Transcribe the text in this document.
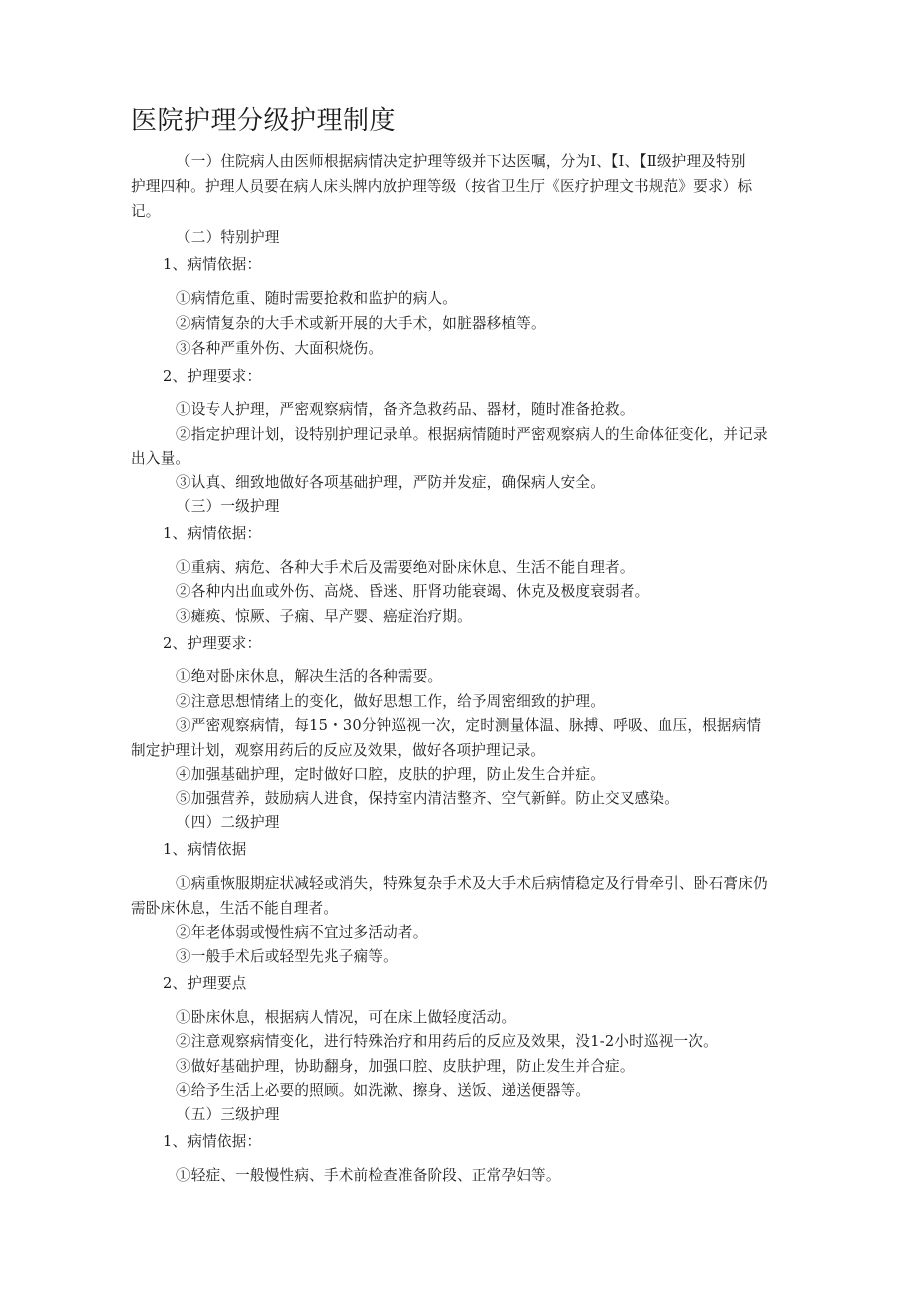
医院护理分级护理制度
（一）住院病人由医师根据病情决定护理等级并下达医嘱，分为Ⅰ、【Ⅰ、【Ⅱ级护理及特别
护理四种。护理人员要在病人床头牌内放护理等级（按省卫生厅《医疗护理文书规范》要求）标
记。
（二）特别护理
1、病情依据：
①病情危重、随时需要抢救和监护的病人。
②病情复杂的大手术或新开展的大手术，如脏器移植等。
③各种严重外伤、大面积烧伤。
2、护理要求：
①设专人护理，严密观察病情，备齐急救药品、器材，随时准备抢救。
②指定护理计划，设特别护理记录单。根据病情随时严密观察病人的生命体征变化，并记录
出入量。
③认真、细致地做好各项基础护理，严防并发症，确保病人安全。
（三）一级护理
1、病情依据：
①重病、病危、各种大手术后及需要绝对卧床休息、生活不能自理者。
②各种内出血或外伤、高烧、昏迷、肝肾功能衰竭、休克及极度衰弱者。
③瘫痪、惊厥、子痫、早产婴、癌症治疗期。
2、护理要求：
①绝对卧床休息，解决生活的各种需要。
②注意思想情绪上的变化，做好思想工作，给予周密细致的护理。
③严密观察病情，每15・30分钟巡视一次，定时测量体温、脉搏、呼吸、血压，根据病情
制定护理计划，观察用药后的反应及效果，做好各项护理记录。
④加强基础护理，定时做好口腔，皮肤的护理，防止发生合并症。
⑤加强营养，鼓励病人进食，保持室内清洁整齐、空气新鲜。防止交叉感染。
（四）二级护理
1、病情依据
①病重恢服期症状减轻或消失，特殊复杂手术及大手术后病情稳定及行骨牵引、卧石膏床仍
需卧床休息，生活不能自理者。
②年老体弱或慢性病不宜过多活动者。
③一般手术后或轻型先兆子痫等。
2、护理要点
①卧床休息，根据病人情况，可在床上做轻度活动。
②注意观察病情变化，进行特殊治疗和用药后的反应及效果，没1-2小时巡视一次。
③做好基础护理，协助翻身，加强口腔、皮肤护理，防止发生并合症。
④给予生活上必要的照顾。如洗漱、擦身、送饭、递送便器等。
（五）三级护理
1、病情依据：
①轻症、一般慢性病、手术前检查准备阶段、正常孕妇等。
